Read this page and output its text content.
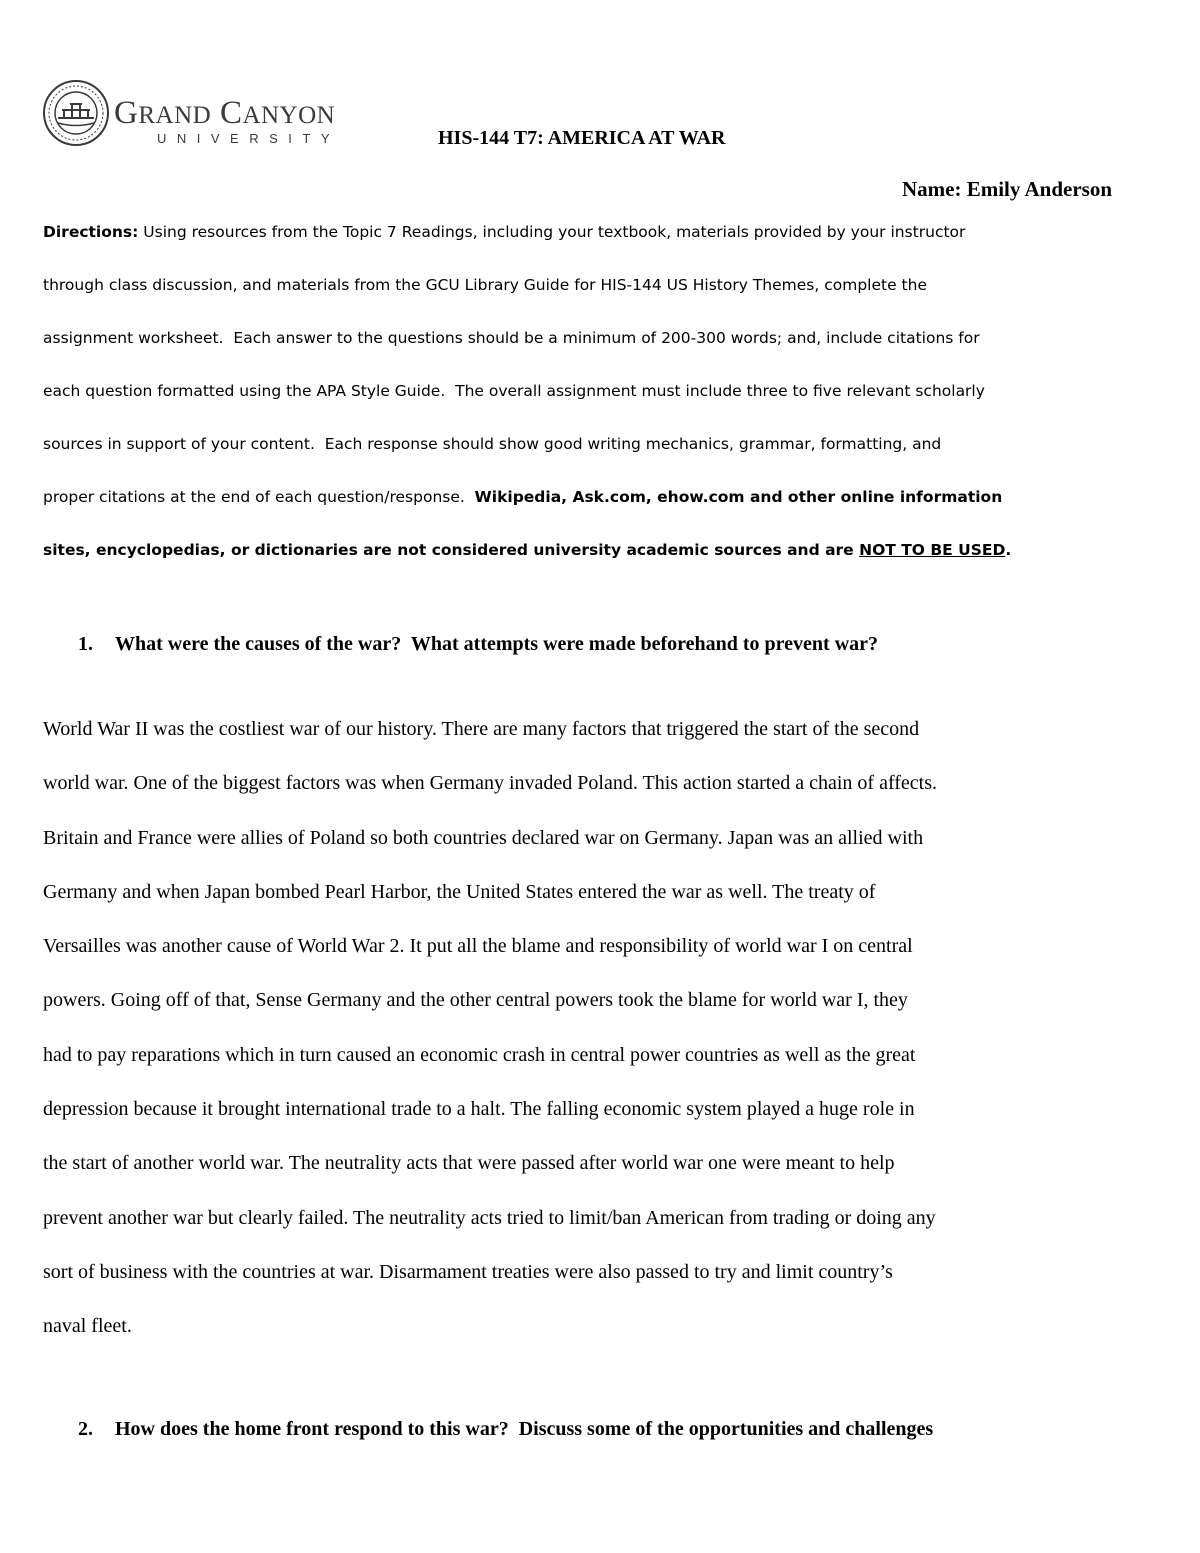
GRAND CANYON
UNIVERSITY	HIS-144 T7: AMERICA AT WAR
Name: Emily Anderson
Directions: Using resources from the Topic 7 Readings, including your textbook, materials provided by your instructor
through class discussion, and materials from the GCU Library Guide for HIS-144 US History Themes, complete the
assignment worksheet.  Each answer to the questions should be a minimum of 200-300 words; and, include citations for
each question formatted using the APA Style Guide.  The overall assignment must include three to five relevant scholarly
sources in support of your content.  Each response should show good writing mechanics, grammar, formatting, and
proper citations at the end of each question/response.  Wikipedia, Ask.com, ehow.com and other online information
sites, encyclopedias, or dictionaries are not considered university academic sources and are NOT TO BE USED.
1. What were the causes of the war?  What attempts were made beforehand to prevent war?
World War II was the costliest war of our history. There are many factors that triggered the start of the second
world war. One of the biggest factors was when Germany invaded Poland. This action started a chain of affects.
Britain and France were allies of Poland so both countries declared war on Germany. Japan was an allied with
Germany and when Japan bombed Pearl Harbor, the United States entered the war as well. The treaty of
Versailles was another cause of World War 2. It put all the blame and responsibility of world war I on central
powers. Going off of that, Sense Germany and the other central powers took the blame for world war I, they
had to pay reparations which in turn caused an economic crash in central power countries as well as the great
depression because it brought international trade to a halt. The falling economic system played a huge role in
the start of another world war. The neutrality acts that were passed after world war one were meant to help
prevent another war but clearly failed. The neutrality acts tried to limit/ban American from trading or doing any
sort of business with the countries at war. Disarmament treaties were also passed to try and limit country’s
naval fleet.
2. How does the home front respond to this war?  Discuss some of the opportunities and challenges
